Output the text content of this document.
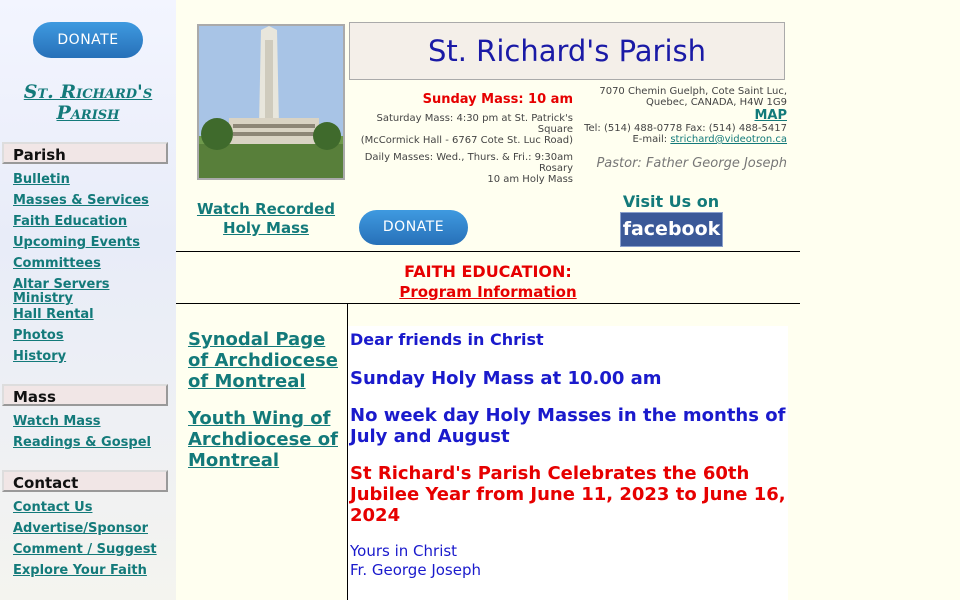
DONATE
St. Richard's
Parish
Parish
Bulletin
Masses & Services
Faith Education
Upcoming Events
Committees
Altar Servers Ministry
Hall Rental
Photos
History
Mass
Watch Mass
Readings & Gospel
Contact
Contact Us
Advertise/Sponsor
Comment / Suggest
Explore Your Faith
St. Richard's Parish
Sunday Mass: 10 am
Saturday Mass: 4:30 pm at St. Patrick's
Square
(McCormick Hall - 6767 Cote St. Luc Road)
Daily Masses: Wed., Thurs. & Fri.: 9:30am
Rosary
10 am Holy Mass
7070 Chemin Guelph, Cote Saint Luc,
Quebec, CANADA, H4W 1G9
MAP
Tel: (514) 488-0778 Fax: (514) 488-5417
E-mail: strichard@videotron.ca
Pastor: Father George Joseph
Watch Recorded Holy Mass	DONATE
Visit Us on
facebook
FAITH EDUCATION:
Program Information
Synodal Page of Archdiocese of Montreal
Youth Wing of Archdiocese of Montreal
Dear friends in Christ
Sunday Holy Mass at 10.00 am
No week day Holy Masses in the months of July and August
St Richard's Parish Celebrates the 60th Jubilee Year from June 11, 2023 to June 16, 2024
Yours in Christ
Fr. George Joseph
